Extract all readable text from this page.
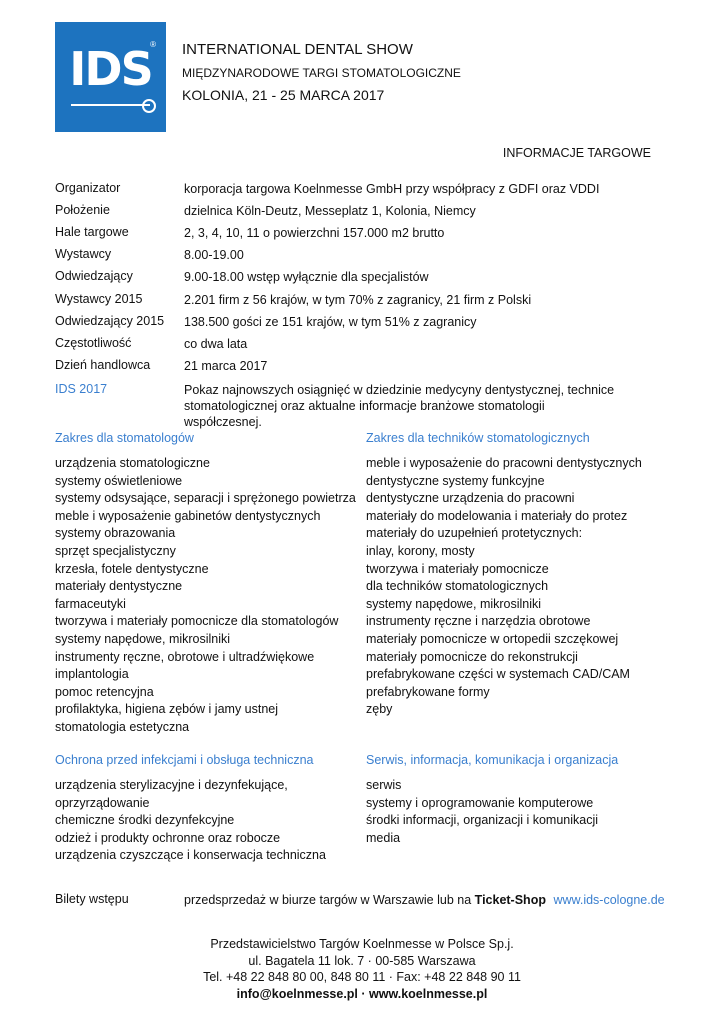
IDS
® INTERNATIONAL DENTAL SHOW
MIĘDZYNARODOWE TARGI STOMATOLOGICZNE
KOLONIA, 21 - 25 MARCA 2017
INFORMACJE TARGOWE
Organizator	korporacja targowa Koelnmesse GmbH przy współpracy z GDFI oraz VDDI
Położenie	dzielnica Köln-Deutz, Messeplatz 1, Kolonia, Niemcy
Hale targowe	2, 3, 4, 10, 11 o powierzchni 157.000 m2 brutto
Wystawcy	8.00-19.00
Odwiedzający	9.00-18.00 wstęp wyłącznie dla specjalistów
Wystawcy 2015	2.201 firm z 56 krajów, w tym 70% z zagranicy, 21 firm z Polski
Odwiedzający 2015 138.500 gości ze 151 krajów, w tym 51% z zagranicy
Częstotliwość	co dwa lata
Dzień handlowca	21 marca 2017
IDS 2017	Pokaz najnowszych osiągnięć w dziedzinie medycyny dentystycznej, technice stomatologicznej oraz aktualne informacje branżowe stomatologii współczesnej.
Zakres dla stomatologów
urządzenia stomatologiczne
systemy oświetleniowe
systemy odsysające, separacji i sprężonego powietrza
meble i wyposażenie gabinetów dentystycznych
systemy obrazowania
sprzęt specjalistyczny
krzesła, fotele dentystyczne
materiały dentystyczne
farmaceutyki
tworzywa i materiały pomocnicze dla stomatologów
systemy napędowe, mikrosilniki
instrumenty ręczne, obrotowe i ultradźwiękowe
implantologia
pomoc retencyjna
profilaktyka, higiena zębów i jamy ustnej
stomatologia estetyczna
Zakres dla techników stomatologicznych
meble i wyposażenie do pracowni dentystycznych
dentystyczne systemy funkcyjne
dentystyczne urządzenia do pracowni
materiały do modelowania i materiały do protez
materiały do uzupełnień protetycznych:
inlay, korony, mosty
tworzywa i materiały pomocnicze
dla techników stomatologicznych
systemy napędowe, mikrosilniki
instrumenty ręczne i narzędzia obrotowe
materiały pomocnicze w ortopedii szczękowej
materiały pomocnicze do rekonstrukcji
prefabrykowane części w systemach CAD/CAM
prefabrykowane formy
zęby
Ochrona przed infekcjami i obsługa techniczna
urządzenia sterylizacyjne i dezynfekujące,
oprzyrządowanie
chemiczne środki dezynfekcyjne
odzież i produkty ochronne oraz robocze
urządzenia czyszczące i konserwacja techniczna
Serwis, informacja, komunikacja i organizacja
serwis
systemy i oprogramowanie komputerowe
środki informacji, organizacji i komunikacji
media
Bilety wstępu	przedsprzedaż w biurze targów w Warszawie lub na Ticket-Shop www.ids-cologne.de
Przedstawicielstwo Targów Koelnmesse w Polsce Sp.j.
ul. Bagatela 11 lok. 7 · 00-585 Warszawa
Tel. +48 22 848 80 00, 848 80 11 · Fax: +48 22 848 90 11
info@koelnmesse.pl · www.koelnmesse.pl
